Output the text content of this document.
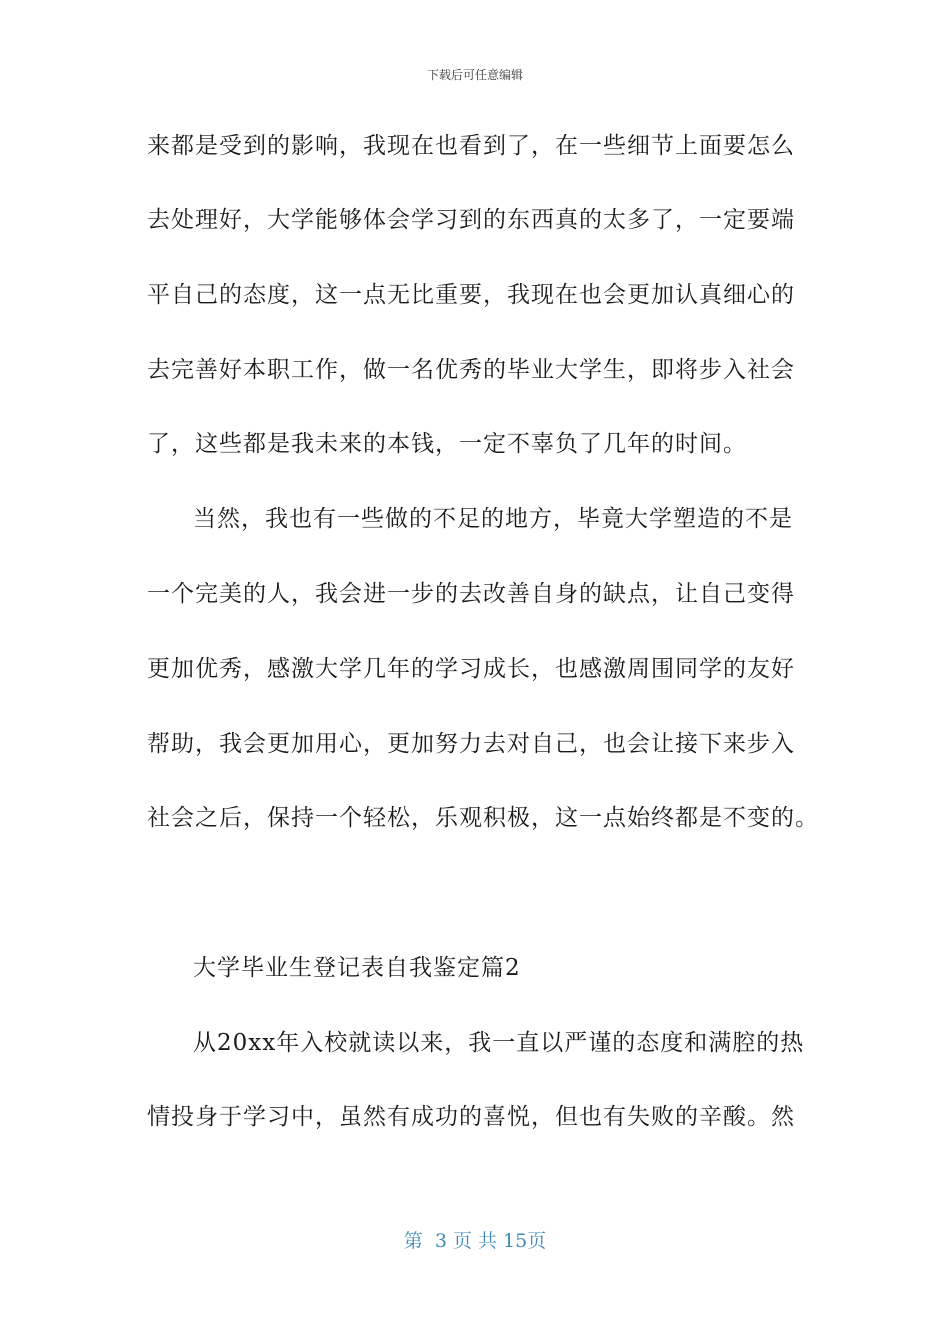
下载后可任意编辑
来都是受到的影响，我现在也看到了，在一些细节上面要怎么
去处理好，大学能够体会学习到的东西真的太多了，一定要端
平自己的态度，这一点无比重要，我现在也会更加认真细心的
去完善好本职工作，做一名优秀的毕业大学生，即将步入社会
了，这些都是我未来的本钱，一定不辜负了几年的时间。
当然，我也有一些做的不足的地方，毕竟大学塑造的不是
一个完美的人，我会进一步的去改善自身的缺点，让自己变得
更加优秀，感激大学几年的学习成长，也感激周围同学的友好
帮助，我会更加用心，更加努力去对自己，也会让接下来步入
社会之后，保持一个轻松，乐观积极，这一点始终都是不变的。
大学毕业生登记表自我鉴定篇2
从20xx年入校就读以来，我一直以严谨的态度和满腔的热
情投身于学习中，虽然有成功的喜悦，但也有失败的辛酸。然
第  3 页 共 15页
